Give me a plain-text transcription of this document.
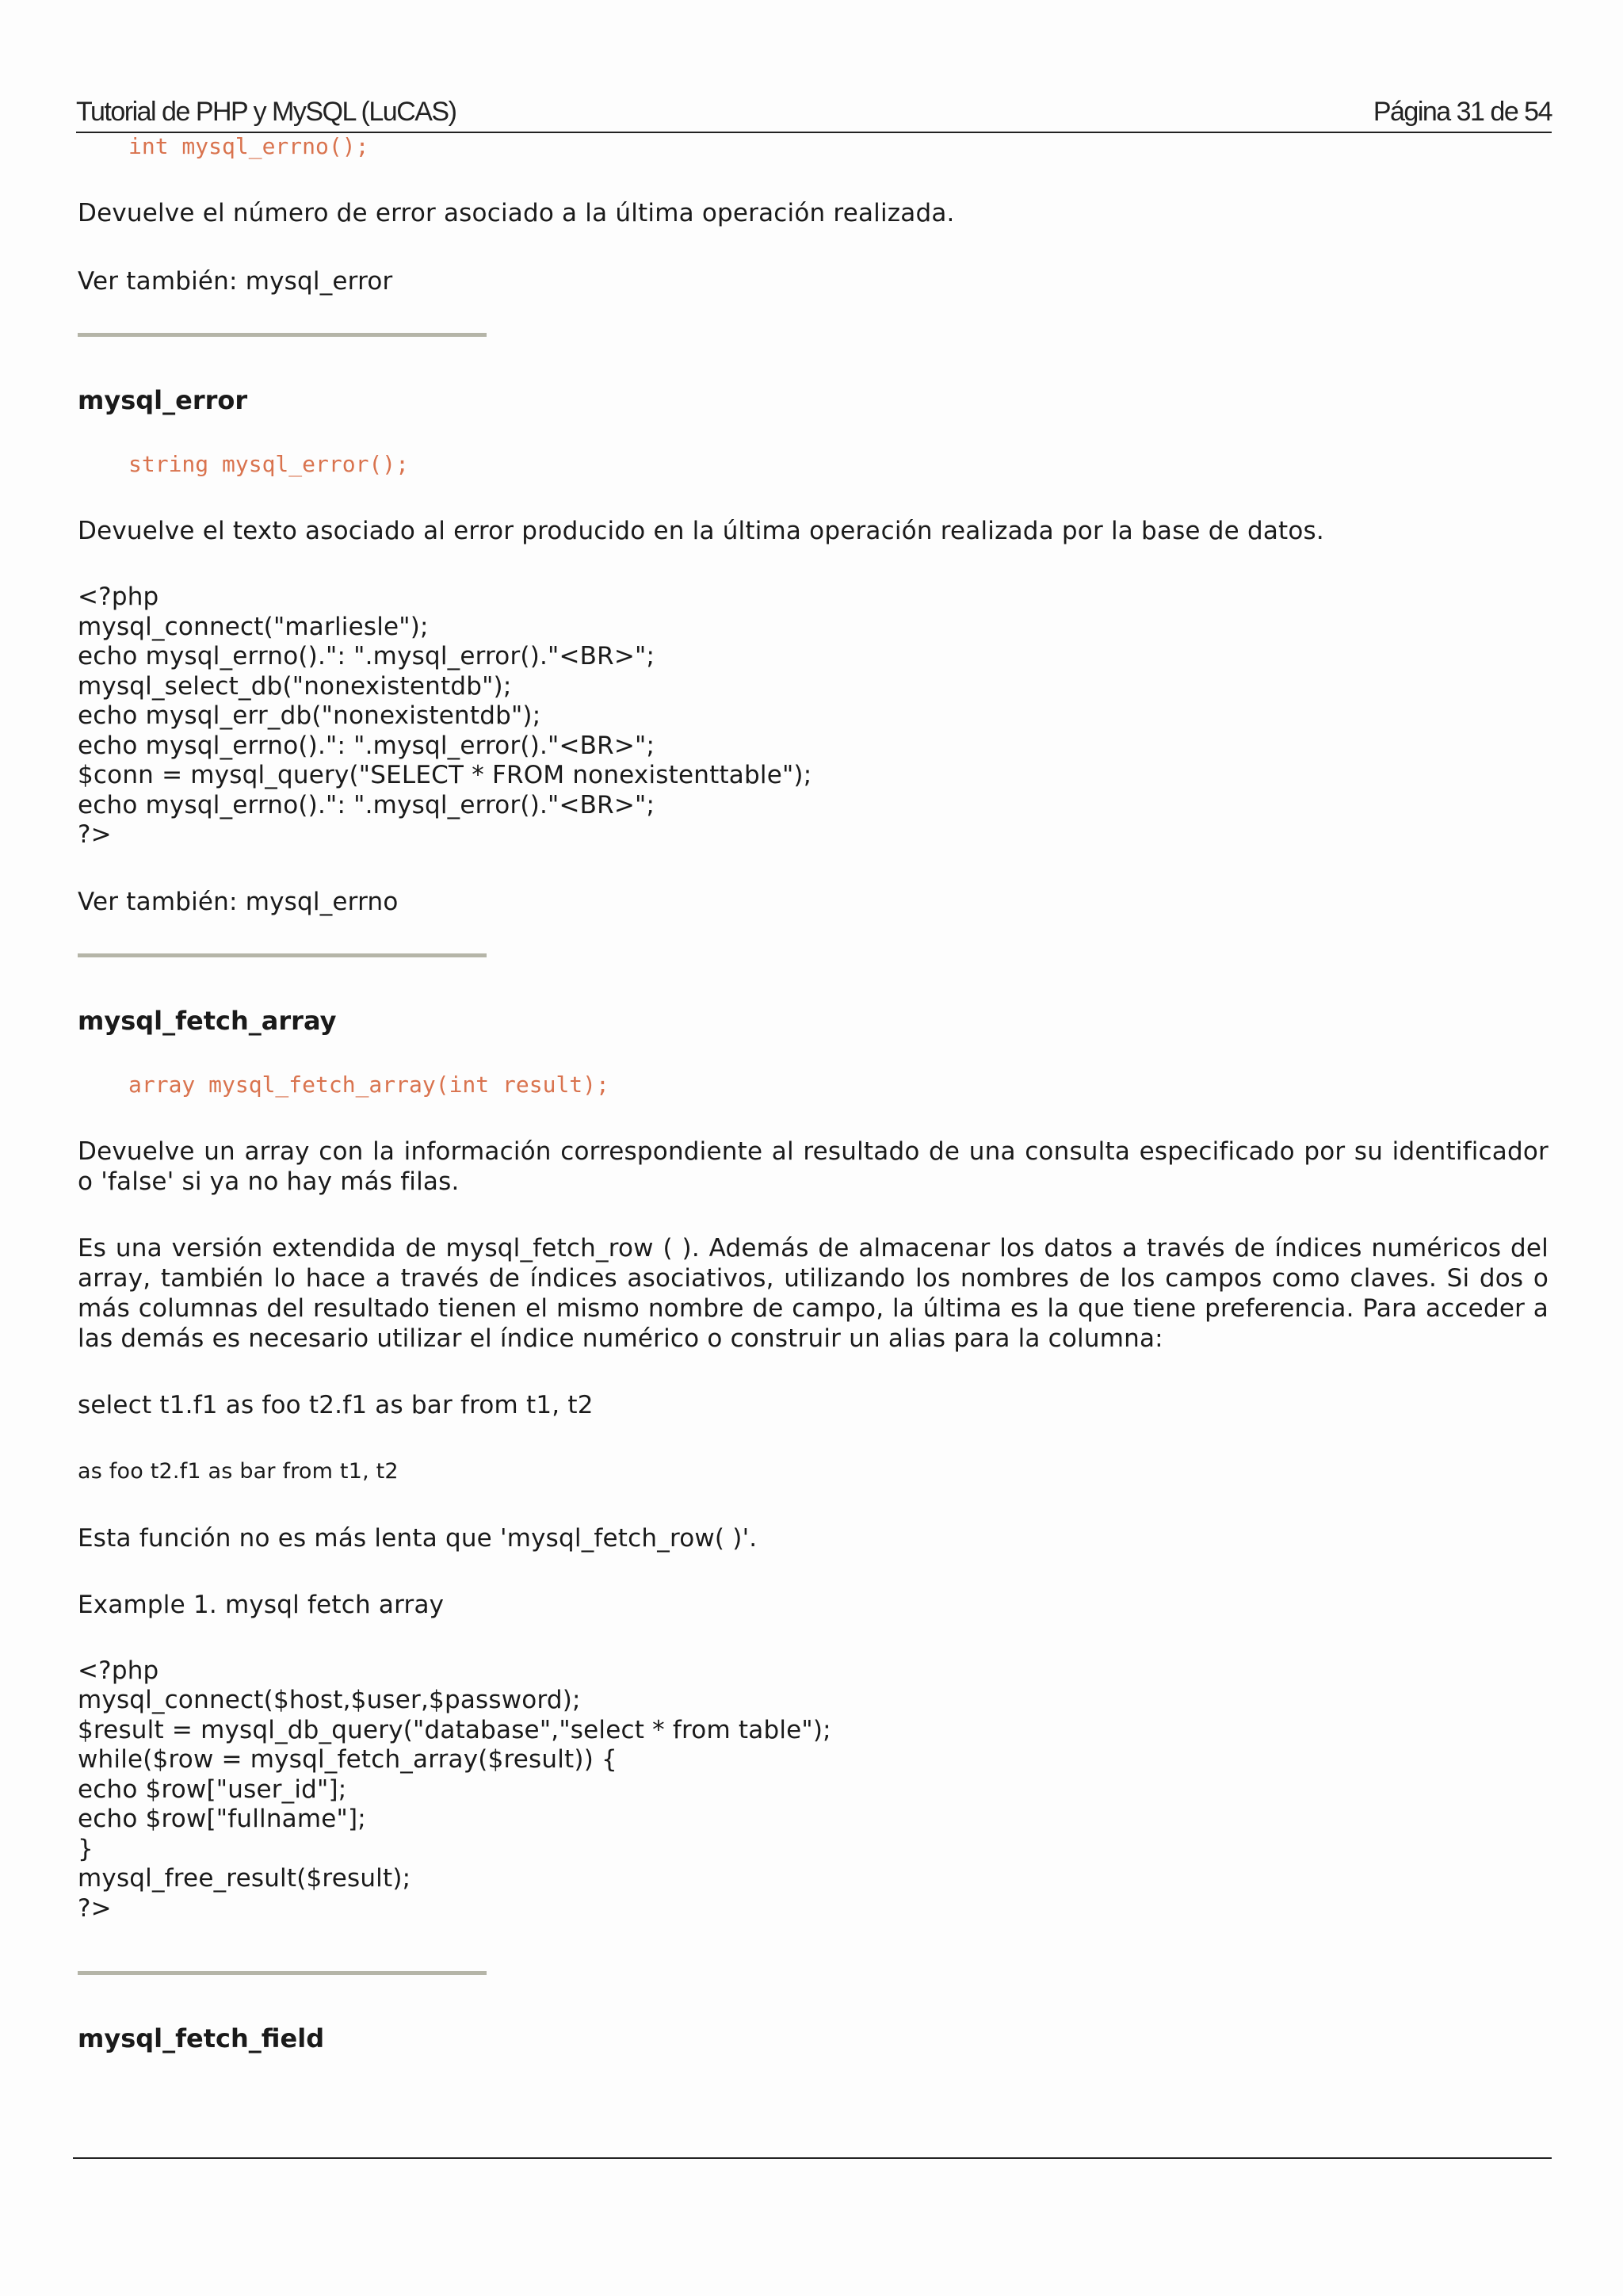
Tutorial de PHP y MySQL (LuCAS)	Página 31 de 54
int mysql_errno();

Devuelve el número de error asociado a la última operación realizada.

Ver también: mysql_error

mysql_error
string mysql_error();

Devuelve el texto asociado al error producido en la última operación realizada por la base de datos.

<?php
mysql_connect("marliesle");
echo mysql_errno().": ".mysql_error()."<BR>";
mysql_select_db("nonexistentdb");
echo mysql_err_db("nonexistentdb");
echo mysql_errno().": ".mysql_error()."<BR>";
$conn = mysql_query("SELECT * FROM nonexistenttable");
echo mysql_errno().": ".mysql_error()."<BR>";
?>

Ver también: mysql_errno

mysql_fetch_array
array mysql_fetch_array(int result);

Devuelve un array con la información correspondiente al resultado de una consulta especificado por su identificador o 'false' si ya no hay más filas.

Es una versión extendida de mysql_fetch_row ( ). Además de almacenar los datos a través de índices numéricos del array, también lo hace a través de índices asociativos, utilizando los nombres de los campos como claves. Si dos o más columnas del resultado tienen el mismo nombre de campo, la última es la que tiene preferencia. Para acceder a las demás es necesario utilizar el índice numérico o construir un alias para la columna:

select t1.f1 as foo t2.f1 as bar from t1, t2

as foo t2.f1 as bar from t1, t2

Esta función no es más lenta que 'mysql_fetch_row( )'.

Example 1. mysql fetch array

<?php
mysql_connect($host,$user,$password);
$result = mysql_db_query("database","select * from table");
while($row = mysql_fetch_array($result)) {
echo $row["user_id"];
echo $row["fullname"];
}
mysql_free_result($result);
?>

mysql_fetch_field
